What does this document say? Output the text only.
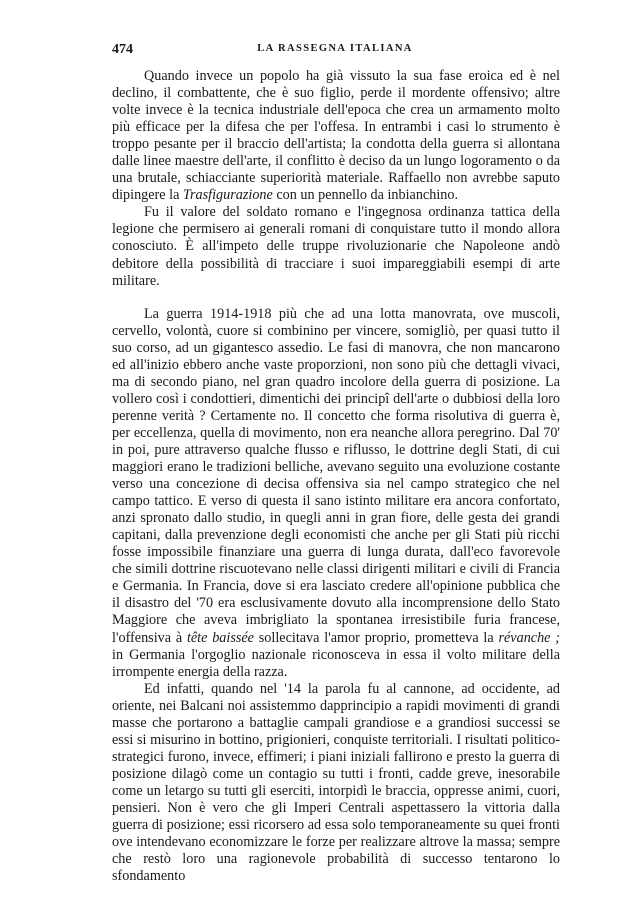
474	LA RASSEGNA ITALIANA

Quando invece un popolo ha già vissuto la sua fase eroica ed è nel declino, il combattente, che è suo figlio, perde il mordente offensivo; altre volte invece è la tecnica industriale dell'epoca che crea un armamento molto più efficace per la difesa che per l'offesa. In entrambi i casi lo strumento è troppo pesante per il braccio dell'artista; la condotta della guerra si allontana dalle linee maestre dell'arte, il conflitto è deciso da un lungo logoramento o da una brutale, schiacciante superiorità materiale. Raffaello non avrebbe saputo dipingere la Trasfigurazione con un pennello da inbianchino.

Fu il valore del soldato romano e l'ingegnosa ordinanza tattica della legione che permisero ai generali romani di conquistare tutto il mondo allora conosciuto. È all'impeto delle truppe rivoluzionarie che Napoleone andò debitore della possibilità di tracciare i suoi impareggiabili esempi di arte militare.

La guerra 1914-1918 più che ad una lotta manovrata, ove muscoli, cervello, volontà, cuore si combinino per vincere, somigliò, per quasi tutto il suo corso, ad un gigantesco assedio. Le fasi di manovra, che non mancarono ed all'inizio ebbero anche vaste proporzioni, non sono più che dettagli vivaci, ma di secondo piano, nel gran quadro incolore della guerra di posizione. La vollero così i condottieri, dimentichi dei principî dell'arte o dubbiosi della loro perenne verità ? Certamente no. Il concetto che forma risolutiva di guerra è, per eccellenza, quella di movimento, non era neanche allora peregrino. Dal 70' in poi, pure attraverso qualche flusso e riflusso, le dottrine degli Stati, di cui maggiori erano le tradizioni belliche, avevano seguito una evoluzione costante verso una concezione di decisa offensiva sia nel campo strategico che nel campo tattico. E verso di questa il sano istinto militare era ancora confortato, anzi spronato dallo studio, in quegli anni in gran fiore, delle gesta dei grandi capitani, dalla prevenzione degli economisti che anche per gli Stati più ricchi fosse impossibile finanziare una guerra di lunga durata, dall'eco favorevole che simili dottrine riscuotevano nelle classi dirigenti militari e civili di Francia e Germania. In Francia, dove si era lasciato credere all'opinione pubblica che il disastro del '70 era esclusivamente dovuto alla incomprensione dello Stato Maggiore che aveva imbrigliato la spontanea irresistibile furia francese, l'offensiva à tête baissée sollecitava l'amor proprio, prometteva la révanche ; in Germania l'orgoglio nazionale riconosceva in essa il volto militare della irrompente energia della razza.

Ed infatti, quando nel '14 la parola fu al cannone, ad occidente, ad oriente, nei Balcani noi assistemmo dapprincipio a rapidi movimenti di grandi masse che portarono a battaglie campali grandiose e a grandiosi successi se essi si misurino in bottino, prigionieri, conquiste territoriali. I risultati politico-strategici furono, invece, effimeri; i piani iniziali fallirono e presto la guerra di posizione dilagò come un contagio su tutti i fronti, cadde greve, inesorabile come un letargo su tutti gli eserciti, intorpidì le braccia, oppresse animi, cuori, pensieri. Non è vero che gli Imperi Centrali aspettassero la vittoria dalla guerra di posizione; essi ricorsero ad essa solo temporaneamente su quei fronti ove intendevano economizzare le forze per realizzare altrove la massa; sempre che restò loro una ragionevole probabilità di successo tentarono lo sfondamento
